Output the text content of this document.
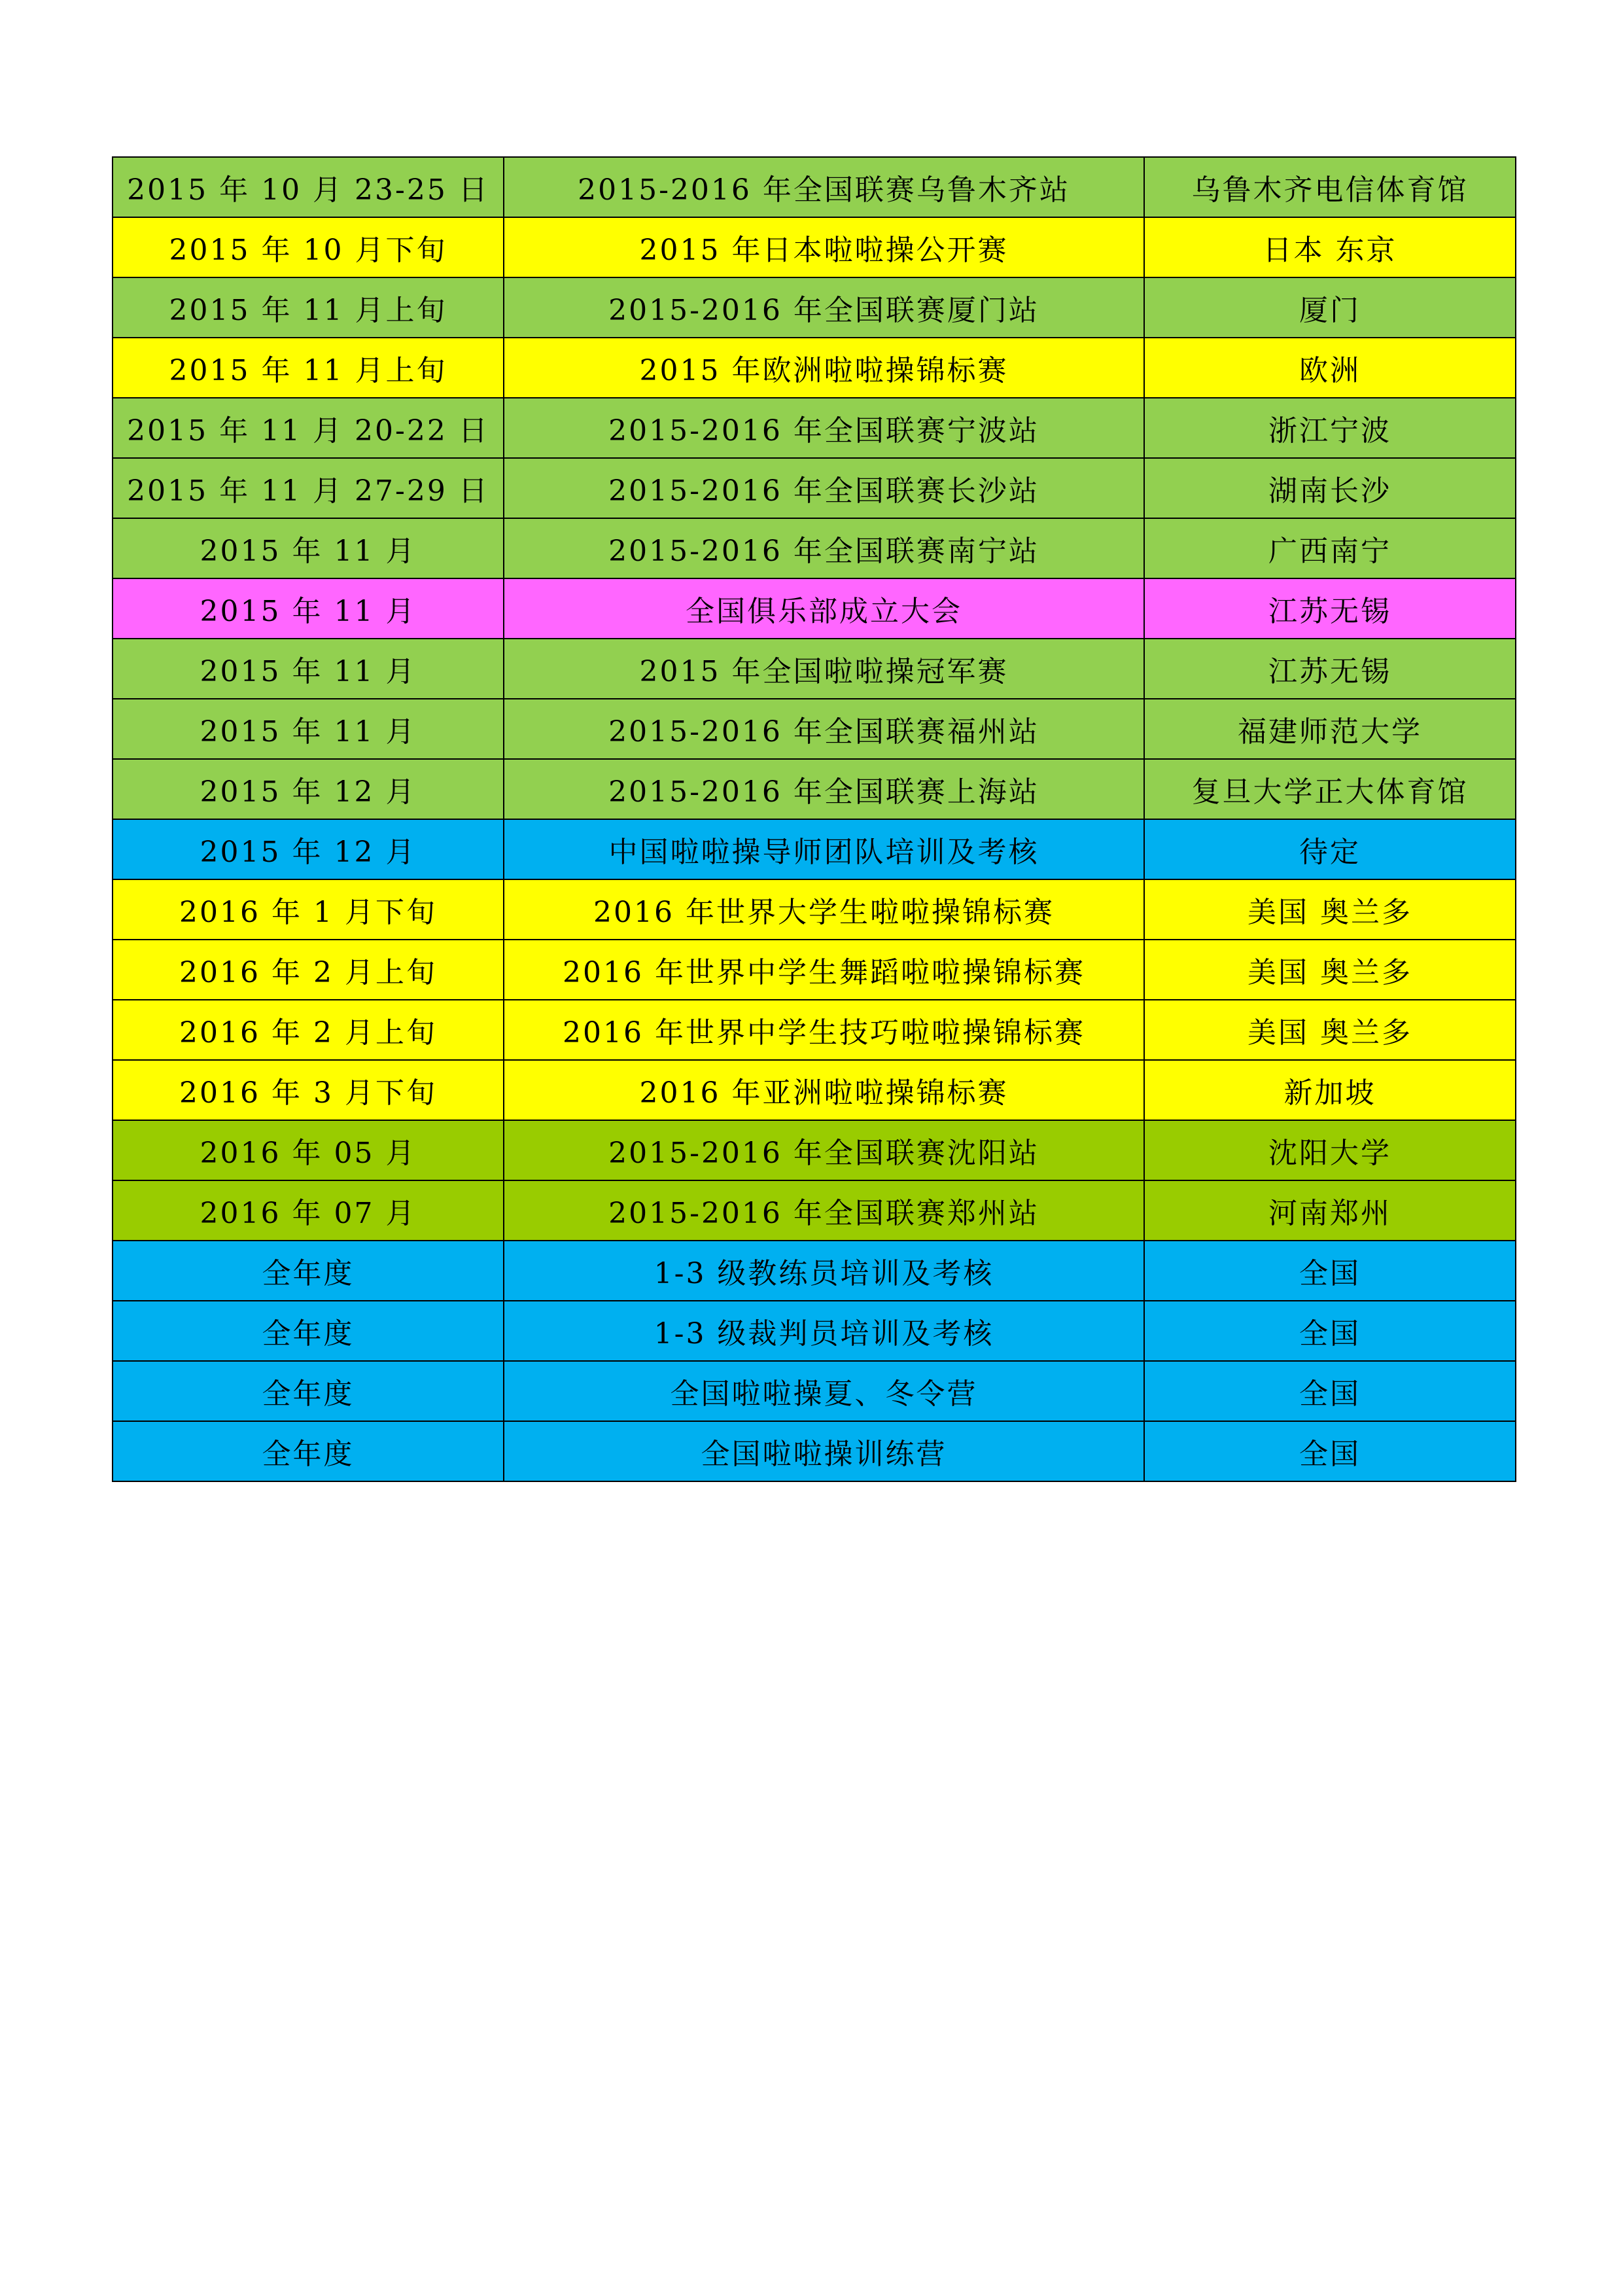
2015 年 10 月 23-25 日	2015-2016 年全国联赛乌鲁木齐站	乌鲁木齐电信体育馆
2015 年 10 月下旬	2015 年日本啦啦操公开赛	日本 东京
2015 年 11 月上旬	2015-2016 年全国联赛厦门站	厦门
2015 年 11 月上旬	2015 年欧洲啦啦操锦标赛	欧洲
2015 年 11 月 20-22 日	2015-2016 年全国联赛宁波站	浙江宁波
2015 年 11 月 27-29 日	2015-2016 年全国联赛长沙站	湖南长沙
2015 年 11 月	2015-2016 年全国联赛南宁站	广西南宁
2015 年 11 月	全国俱乐部成立大会	江苏无锡
2015 年 11 月	2015 年全国啦啦操冠军赛	江苏无锡
2015 年 11 月	2015-2016 年全国联赛福州站	福建师范大学
2015 年 12 月	2015-2016 年全国联赛上海站	复旦大学正大体育馆
2015 年 12 月	中国啦啦操导师团队培训及考核	待定
2016 年 1 月下旬	2016 年世界大学生啦啦操锦标赛	美国 奥兰多
2016 年 2 月上旬	2016 年世界中学生舞蹈啦啦操锦标赛	美国 奥兰多
2016 年 2 月上旬	2016 年世界中学生技巧啦啦操锦标赛	美国 奥兰多
2016 年 3 月下旬	2016 年亚洲啦啦操锦标赛	新加坡
2016 年 05 月	2015-2016 年全国联赛沈阳站	沈阳大学
2016 年 07 月	2015-2016 年全国联赛郑州站	河南郑州
全年度	1-3 级教练员培训及考核	全国
全年度	1-3 级裁判员培训及考核	全国
全年度	全国啦啦操夏、冬令营	全国
全年度	全国啦啦操训练营	全国
